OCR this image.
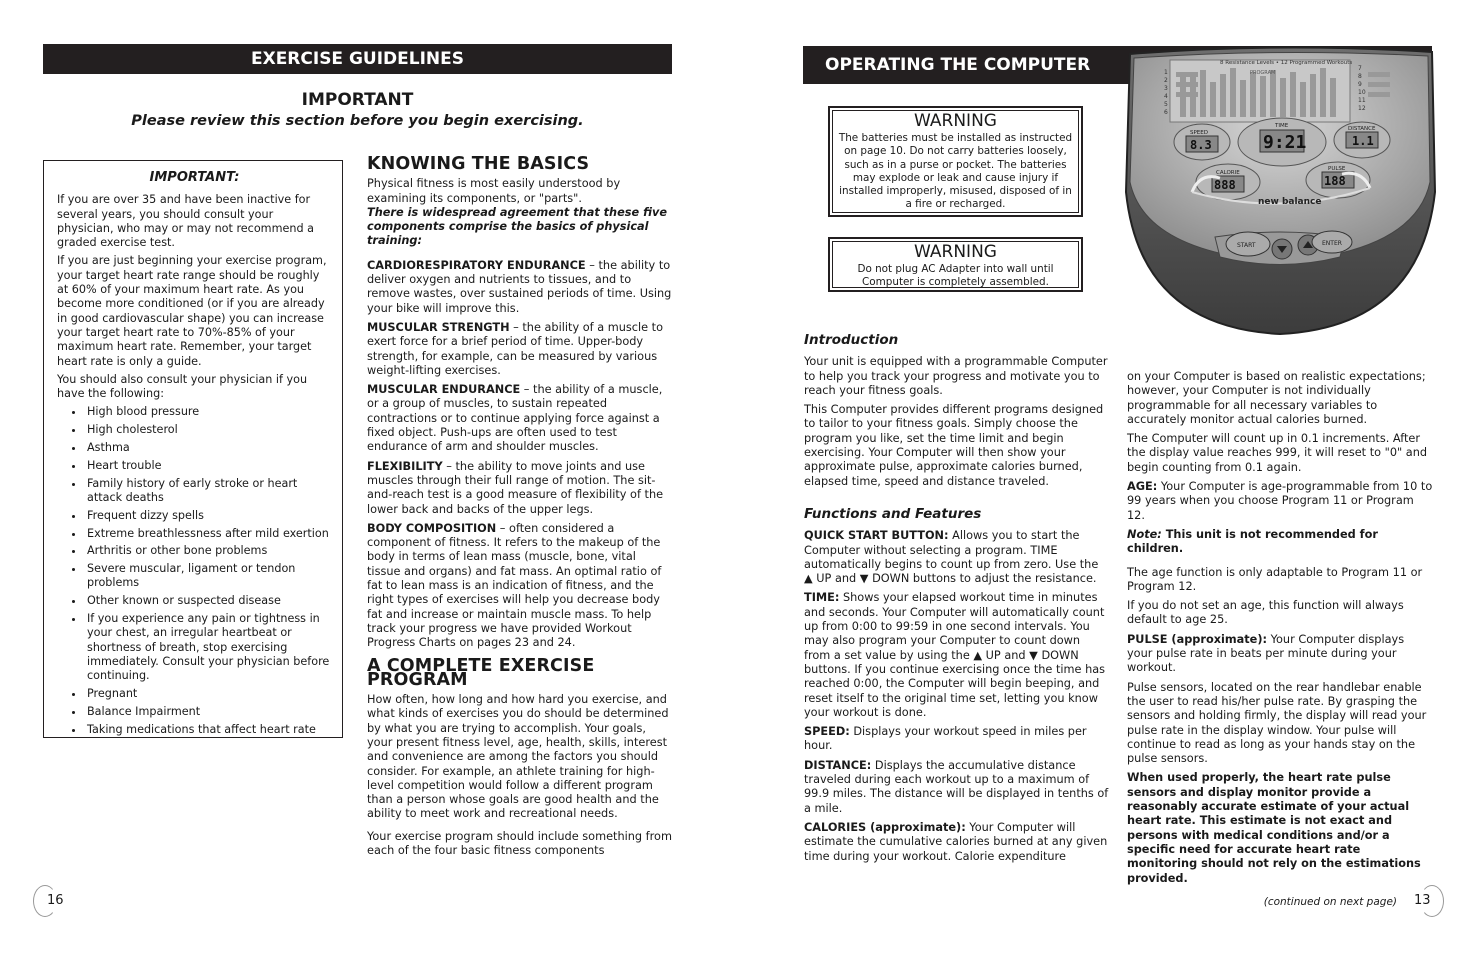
EXERCISE GUIDELINES
IMPORTANT
Please review this section before you begin exercising.
IMPORTANT:

If you are over 35 and have been inactive for several years, you should consult your physician, who may or may not recommend a graded exercise test.

If you are just beginning your exercise program, your target heart rate range should be roughly at 60% of your maximum heart rate. As you become more conditioned (or if you are already in good cardiovascular shape) you can increase your target heart rate to 70%-85% of your maximum heart rate. Remember, your target heart rate is only a guide.

You should also consult your physician if you have the following:

• High blood pressure
• High cholesterol
• Asthma
• Heart trouble
• Family history of early stroke or heart attack deaths
• Frequent dizzy spells
• Extreme breathlessness after mild exertion
• Arthritis or other bone problems
• Severe muscular, ligament or tendon problems
• Other known or suspected disease
• If you experience any pain or tightness in your chest, an irregular heartbeat or shortness of breath, stop exercising immediately. Consult your physician before continuing.
• Pregnant
• Balance Impairment
• Taking medications that affect heart rate
KNOWING THE BASICS

Physical fitness is most easily understood by examining its components, or "parts".

There is widespread agreement that these five components comprise the basics of physical training:

CARDIORESPIRATORY ENDURANCE – the ability to deliver oxygen and nutrients to tissues, and to remove wastes, over sustained periods of time. Using your bike will improve this.

MUSCULAR STRENGTH – the ability of a muscle to exert force for a brief period of time. Upper-body strength, for example, can be measured by various weight-lifting exercises.

MUSCULAR ENDURANCE – the ability of a muscle, or a group of muscles, to sustain repeated contractions or to continue applying force against a fixed object. Push-ups are often used to test endurance of arm and shoulder muscles.

FLEXIBILITY – the ability to move joints and use muscles through their full range of motion. The sit-and-reach test is a good measure of flexibility of the lower back and backs of the upper legs.

BODY COMPOSITION – often considered a component of fitness. It refers to the makeup of the body in terms of lean mass (muscle, bone, vital tissue and organs) and fat mass. An optimal ratio of fat to lean mass is an indication of fitness, and the right types of exercises will help you decrease body fat and increase or maintain muscle mass. To help track your progress we have provided Workout Progress Charts on pages 23 and 24.

A COMPLETE EXERCISE PROGRAM

How often, how long and how hard you exercise, and what kinds of exercises you do should be determined by what you are trying to accomplish. Your goals, your present fitness level, age, health, skills, interest and convenience are among the factors you should consider. For example, an athlete training for high-level competition would follow a different program than a person whose goals are good health and the ability to meet work and recreational needs.

Your exercise program should include something from each of the four basic fitness components

16
OPERATING THE COMPUTER	8 Resistance Levels • 12 Programmed Workouts
PROGRAM
1
2
3
4
5
6
7
8
9
10
11
12
SPEED
TIME	DISTANCE
CALORIE
PULSE
8.3	9:21	1.1
888	188
new balance
START	ENTER
WARNING
The batteries must be installed as instructed on page 10. Do not carry batteries loosely, such as in a purse or pocket. The batteries may explode or leak and cause injury if installed improperly, misused, disposed of in a fire or recharged.
WARNING
Do not plug AC Adapter into wall until Computer is completely assembled.
Introduction

Your unit is equipped with a programmable Computer to help you track your progress and motivate you to reach your fitness goals.

This Computer provides different programs designed to tailor to your fitness goals. Simply choose the program you like, set the time limit and begin exercising. Your Computer will then show your approximate pulse, approximate calories burned, elapsed time, speed and distance traveled.

Functions and Features

QUICK START BUTTON: Allows you to start the Computer without selecting a program. TIME automatically begins to count up from zero. Use the ▲ UP and ▼ DOWN buttons to adjust the resistance.

TIME: Shows your elapsed workout time in minutes and seconds. Your Computer will automatically count up from 0:00 to 99:59 in one second intervals. You may also program your Computer to count down from a set value by using the ▲ UP and ▼ DOWN buttons. If you continue exercising once the time has reached 0:00, the Computer will begin beeping, and reset itself to the original time set, letting you know your workout is done.

SPEED: Displays your workout speed in miles per hour.

DISTANCE: Displays the accumulative distance traveled during each workout up to a maximum of 99.9 miles. The distance will be displayed in tenths of a mile.

CALORIES (approximate): Your Computer will estimate the cumulative calories burned at any given time during your workout. Calorie expenditure

on your Computer is based on realistic expectations; however, your Computer is not individually programmable for all necessary variables to accurately monitor actual calories burned.

The Computer will count up in 0.1 increments. After the display value reaches 999, it will reset to "0" and begin counting from 0.1 again.

AGE: Your Computer is age-programmable from 10 to 99 years when you choose Program 11 or Program 12.

Note: This unit is not recommended for children.

The age function is only adaptable to Program 11 or Program 12.

If you do not set an age, this function will always default to age 25.

PULSE (approximate): Your Computer displays your pulse rate in beats per minute during your workout.

Pulse sensors, located on the rear handlebar enable the user to read his/her pulse rate. By grasping the sensors and holding firmly, the display will read your pulse rate in the display window. Your pulse will continue to read as long as your hands stay on the pulse sensors.

When used properly, the heart rate pulse sensors and display monitor provide a reasonably accurate estimate of your actual heart rate. This estimate is not exact and persons with medical conditions and/or a specific need for accurate heart rate monitoring should not rely on the estimations provided.

(continued on next page)	13
